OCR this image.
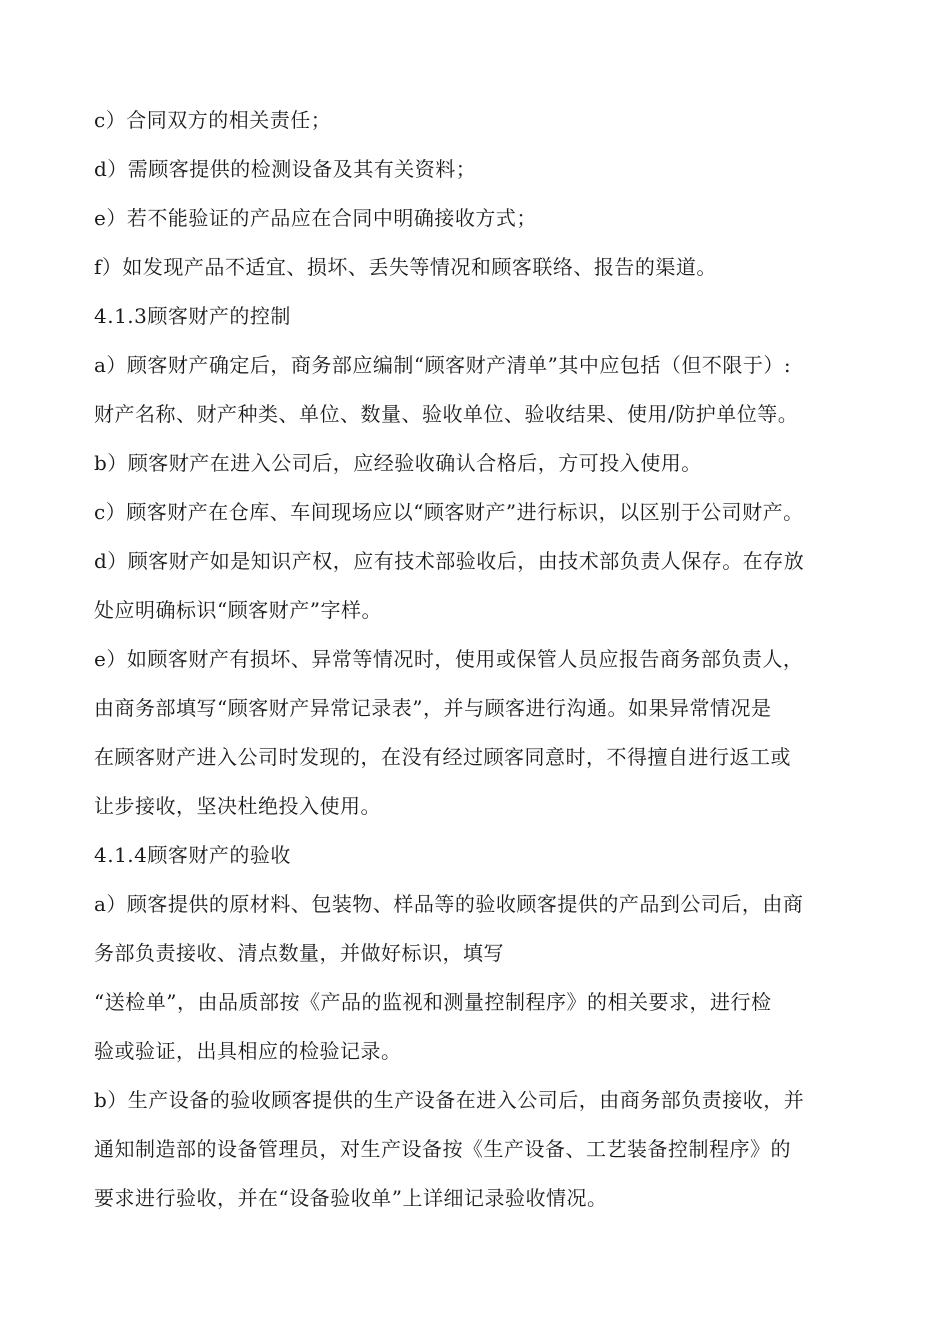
c）合同双方的相关责任；

d）需顾客提供的检测设备及其有关资料；

e）若不能验证的产品应在合同中明确接收方式；

f）如发现产品不适宜、损坏、丢失等情况和顾客联络、报告的渠道。

4.1.3顾客财产的控制

a）顾客财产确定后，商务部应编制“顾客财产清单”其中应包括（但不限于）:

财产名称、财产种类、单位、数量、验收单位、验收结果、使用/防护单位等。

b）顾客财产在进入公司后，应经验收确认合格后，方可投入使用。

c）顾客财产在仓库、车间现场应以“顾客财产”进行标识，以区别于公司财产。

d）顾客财产如是知识产权，应有技术部验收后，由技术部负责人保存。在存放

处应明确标识“顾客财产”字样。

e）如顾客财产有损坏、异常等情况时，使用或保管人员应报告商务部负责人，

由商务部填写“顾客财产异常记录表”，并与顾客进行沟通。如果异常情况是

在顾客财产进入公司时发现的，在没有经过顾客同意时，不得擅自进行返工或

让步接收，坚决杜绝投入使用。

4.1.4顾客财产的验收

a）顾客提供的原材料、包装物、样品等的验收顾客提供的产品到公司后，由商

务部负责接收、清点数量，并做好标识，填写

“送检单”，由品质部按《产品的监视和测量控制程序》的相关要求，进行检

验或验证，出具相应的检验记录。

b）生产设备的验收顾客提供的生产设备在进入公司后，由商务部负责接收，并

通知制造部的设备管理员，对生产设备按《生产设备、工艺装备控制程序》的

要求进行验收，并在“设备验收单”上详细记录验收情况。
